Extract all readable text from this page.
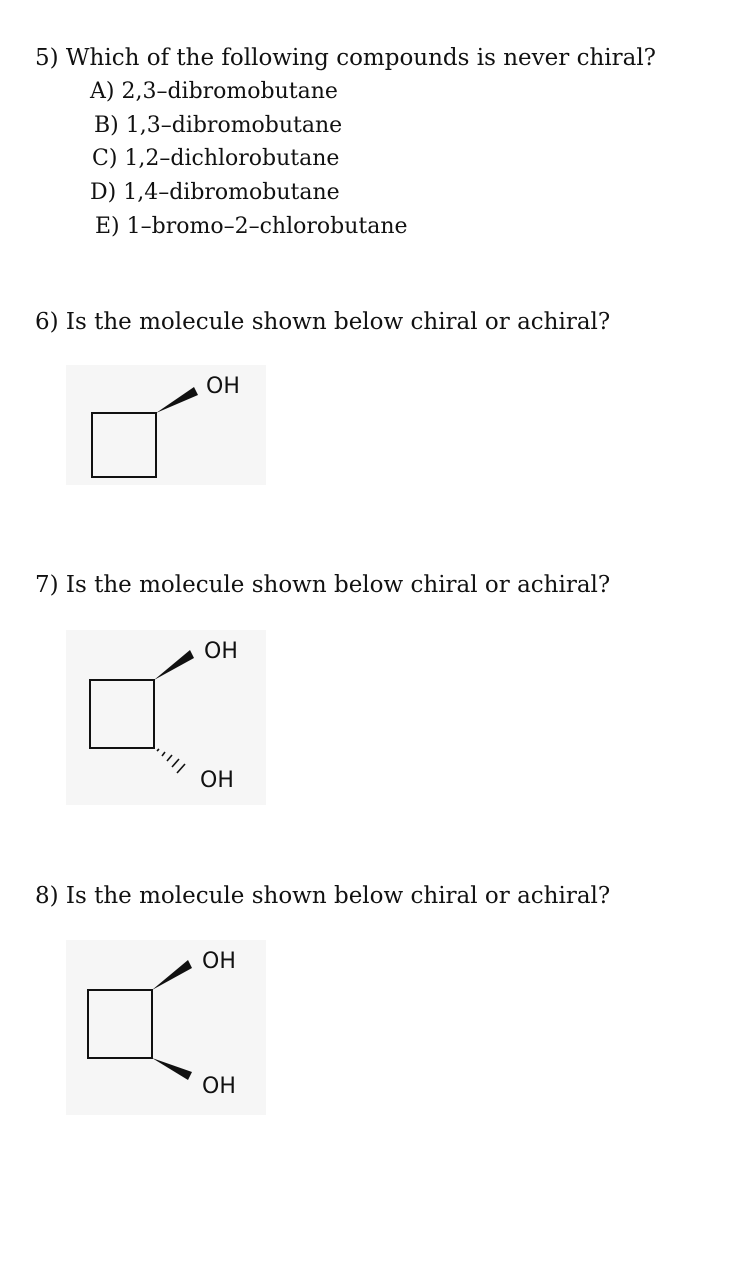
5) Which of the following compounds is never chiral?
A) 2,3–dibromobutane
B) 1,3–dibromobutane
C) 1,2–dichlorobutane
D) 1,4–dibromobutane
E) 1–bromo–2–chlorobutane
6) Is the molecule shown below chiral or achiral?
OH
7) Is the molecule shown below chiral or achiral?
OH
OH
8) Is the molecule shown below chiral or achiral?
OH
OH
